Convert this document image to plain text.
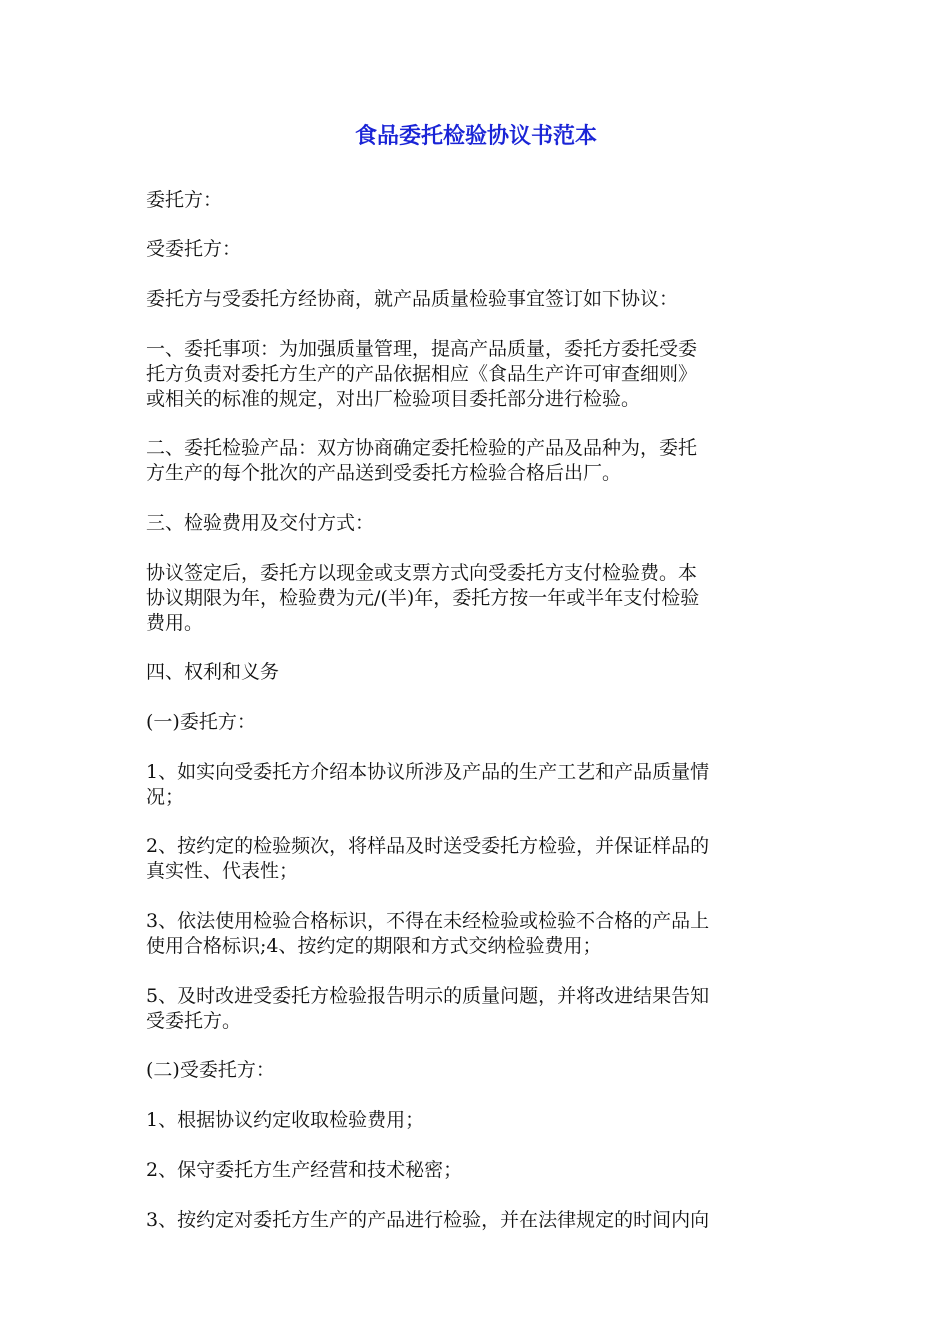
食品委托检验协议书范本

委托方：

受委托方：

委托方与受委托方经协商，就产品质量检验事宜签订如下协议：

一、委托事项：为加强质量管理，提高产品质量，委托方委托受委
托方负责对委托方生产的产品依据相应《食品生产许可审查细则》
或相关的标准的规定，对出厂检验项目委托部分进行检验。

二、委托检验产品：双方协商确定委托检验的产品及品种为，委托
方生产的每个批次的产品送到受委托方检验合格后出厂。

三、检验费用及交付方式：

协议签定后，委托方以现金或支票方式向受委托方支付检验费。本
协议期限为年，检验费为元/(半)年，委托方按一年或半年支付检验
费用。

四、权利和义务

(一)委托方：

1、如实向受委托方介绍本协议所涉及产品的生产工艺和产品质量情
况；

2、按约定的检验频次，将样品及时送受委托方检验，并保证样品的
真实性、代表性；

3、依法使用检验合格标识，不得在未经检验或检验不合格的产品上
使用合格标识;4、按约定的期限和方式交纳检验费用；

5、及时改进受委托方检验报告明示的质量问题，并将改进结果告知
受委托方。

(二)受委托方：

1、根据协议约定收取检验费用；

2、保守委托方生产经营和技术秘密；

3、按约定对委托方生产的产品进行检验，并在法律规定的时间内向
